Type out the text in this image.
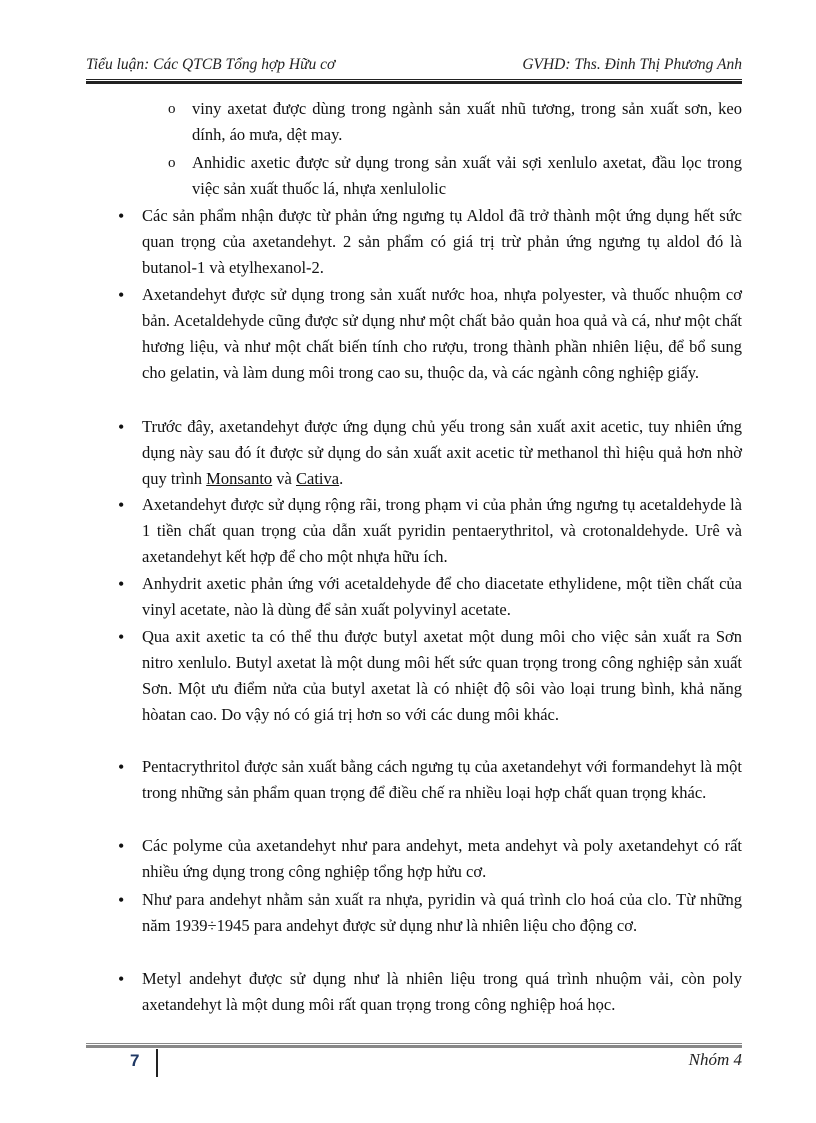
Tiểu luận: Các QTCB Tổng hợp Hữu cơ	GVHD: Ths. Đinh Thị Phương Anh
o viny axetat được dùng trong ngành sản xuất nhũ tương, trong sản xuất sơn, keo dính, áo mưa, dệt may.
o Anhidic axetic được sử dụng trong sản xuất vải sợi xenlulo axetat, đầu lọc trong việc sản xuất thuốc lá, nhựa xenlulolic
• Các sản phẩm nhận được từ phản ứng ngưng tụ Aldol đã trở thành một ứng dụng hết sức quan trọng của axetandehyt. 2 sản phẩm có giá trị trừ phản ứng ngưng tụ aldol đó là butanol-1 và etylhexanol-2.
• Axetandehyt được sử dụng trong sản xuất nước hoa, nhựa polyester, và thuốc nhuộm cơ bản. Acetaldehyde cũng được sử dụng như một chất bảo quản hoa quả và cá, như một chất hương liệu, và như một chất biến tính cho rượu, trong thành phần nhiên liệu, để bổ sung cho gelatin, và làm dung môi trong cao su, thuộc da, và các ngành công nghiệp giấy.
• Trước đây, axetandehyt được ứng dụng chủ yếu trong sản xuất axit acetic, tuy nhiên ứng dụng này sau đó ít được sử dụng do sản xuất axit acetic từ methanol thì hiệu quả hơn nhờ quy trình Monsanto và Cativa.
• Axetandehyt được sử dụng rộng rãi, trong phạm vi của phản ứng ngưng tụ acetaldehyde là 1 tiền chất quan trọng của dẫn xuất pyridin pentaerythritol, và crotonaldehyde. Urê và axetandehyt kết hợp để cho một nhựa hữu ích.
• Anhydrit axetic phản ứng với acetaldehyde để cho diacetate ethylidene, một tiền chất của vinyl acetate, nào là dùng để sản xuất polyvinyl acetate.
• Qua axit axetic ta có thể thu được butyl axetat một dung môi cho việc sản xuất ra Sơn nitro xenlulo. Butyl axetat là một dung môi hết sức quan trọng trong công nghiệp sản xuất Sơn. Một ưu điểm nửa của butyl axetat là có nhiệt độ sôi vào loại trung bình, khả năng hòatan cao. Do vậy nó có giá trị hơn so với các dung môi khác.
• Pentacrythritol được sản xuất bằng cách ngưng tụ của axetandehyt với formandehyt là một trong những sản phẩm quan trọng để điều chế ra nhiều loại hợp chất quan trọng khác.
• Các polyme của axetandehyt như para andehyt, meta andehyt và poly axetandehyt có rất nhiều ứng dụng trong công nghiệp tổng hợp hửu cơ.
• Như para andehyt nhằm sản xuất ra nhựa, pyridin và quá trình clo hoá của clo. Từ những năm 1939÷1945 para andehyt được sử dụng như là nhiên liệu cho động cơ.
• Metyl andehyt được sử dụng như là nhiên liệu trong quá trình nhuộm vải, còn poly axetandehyt là một dung môi rất quan trọng trong công nghiệp hoá học.
7	Nhóm 4
